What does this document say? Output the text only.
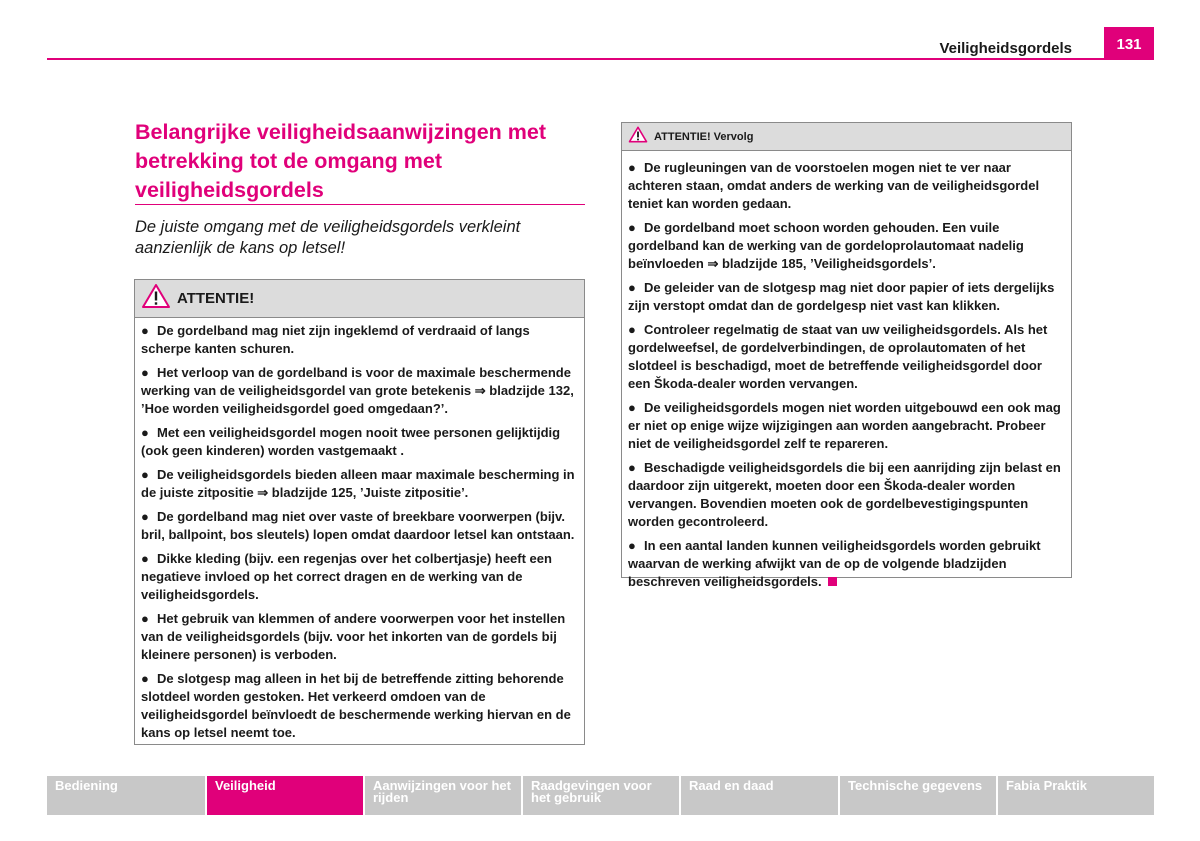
Veiligheidsgordels	131
Belangrijke veiligheidsaanwijzingen met betrekking tot de omgang met veiligheidsgordels

De juiste omgang met de veiligheidsgordels verkleint aanzienlijk de kans op letsel!

ATTENTIE!

● De gordelband mag niet zijn ingeklemd of verdraaid of langs scherpe kanten schuren.

● Het verloop van de gordelband is voor de maximale beschermende werking van de veiligheidsgordel van grote betekenis ⇒ bladzijde 132, ’Hoe worden veiligheidsgordel goed omgedaan?’.

● Met een veiligheidsgordel mogen nooit twee personen gelijktijdig (ook geen kinderen) worden vastgemaakt .

● De veiligheidsgordels bieden alleen maar maximale bescherming in de juiste zitpositie ⇒ bladzijde 125, ’Juiste zitpositie’.

● De gordelband mag niet over vaste of breekbare voorwerpen (bijv. bril, ballpoint, bos sleutels) lopen omdat daardoor letsel kan ontstaan.

● Dikke kleding (bijv. een regenjas over het colbertjasje) heeft een negatieve invloed op het correct dragen en de werking van de veiligheidsgordels.

● Het gebruik van klemmen of andere voorwerpen voor het instellen van de veiligheidsgordels (bijv. voor het inkorten van de gordels bij kleinere personen) is verboden.

● De slotgesp mag alleen in het bij de betreffende zitting behorende slotdeel worden gestoken. Het verkeerd omdoen van de veiligheidsgordel beïnvloedt de beschermende werking hiervan en de kans op letsel neemt toe.

ATTENTIE! Vervolg

● De rugleuningen van de voorstoelen mogen niet te ver naar achteren staan, omdat anders de werking van de veiligheidsgordel teniet kan worden gedaan.

● De gordelband moet schoon worden gehouden. Een vuile gordelband kan de werking van de gordeloprolautomaat nadelig beïnvloeden ⇒ bladzijde 185, ’Veiligheidsgordels’.

● De geleider van de slotgesp mag niet door papier of iets dergelijks zijn verstopt omdat dan de gordelgesp niet vast kan klikken.

● Controleer regelmatig de staat van uw veiligheidsgordels. Als het gordelweefsel, de gordelverbindingen, de oprolautomaten of het slotdeel is beschadigd, moet de betreffende veiligheidsgordel door een Škoda-dealer worden vervangen.

● De veiligheidsgordels mogen niet worden uitgebouwd een ook mag er niet op enige wijze wijzigingen aan worden aangebracht. Probeer niet de veiligheidsgordel zelf te repareren.

● Beschadigde veiligheidsgordels die bij een aanrijding zijn belast en daardoor zijn uitgerekt, moeten door een Škoda-dealer worden vervangen. Bovendien moeten ook de gordelbevestigingspunten worden gecontroleerd.

● In een aantal landen kunnen veiligheidsgordels worden gebruikt waarvan de werking afwijkt van de op de volgende bladzijden beschreven veiligheidsgordels.

Bediening	Veiligheid	Aanwijzingen voor het rijden
Raadgevingen voor het gebruik
Raad en daad	Technische gegevens	Fabia Praktik
